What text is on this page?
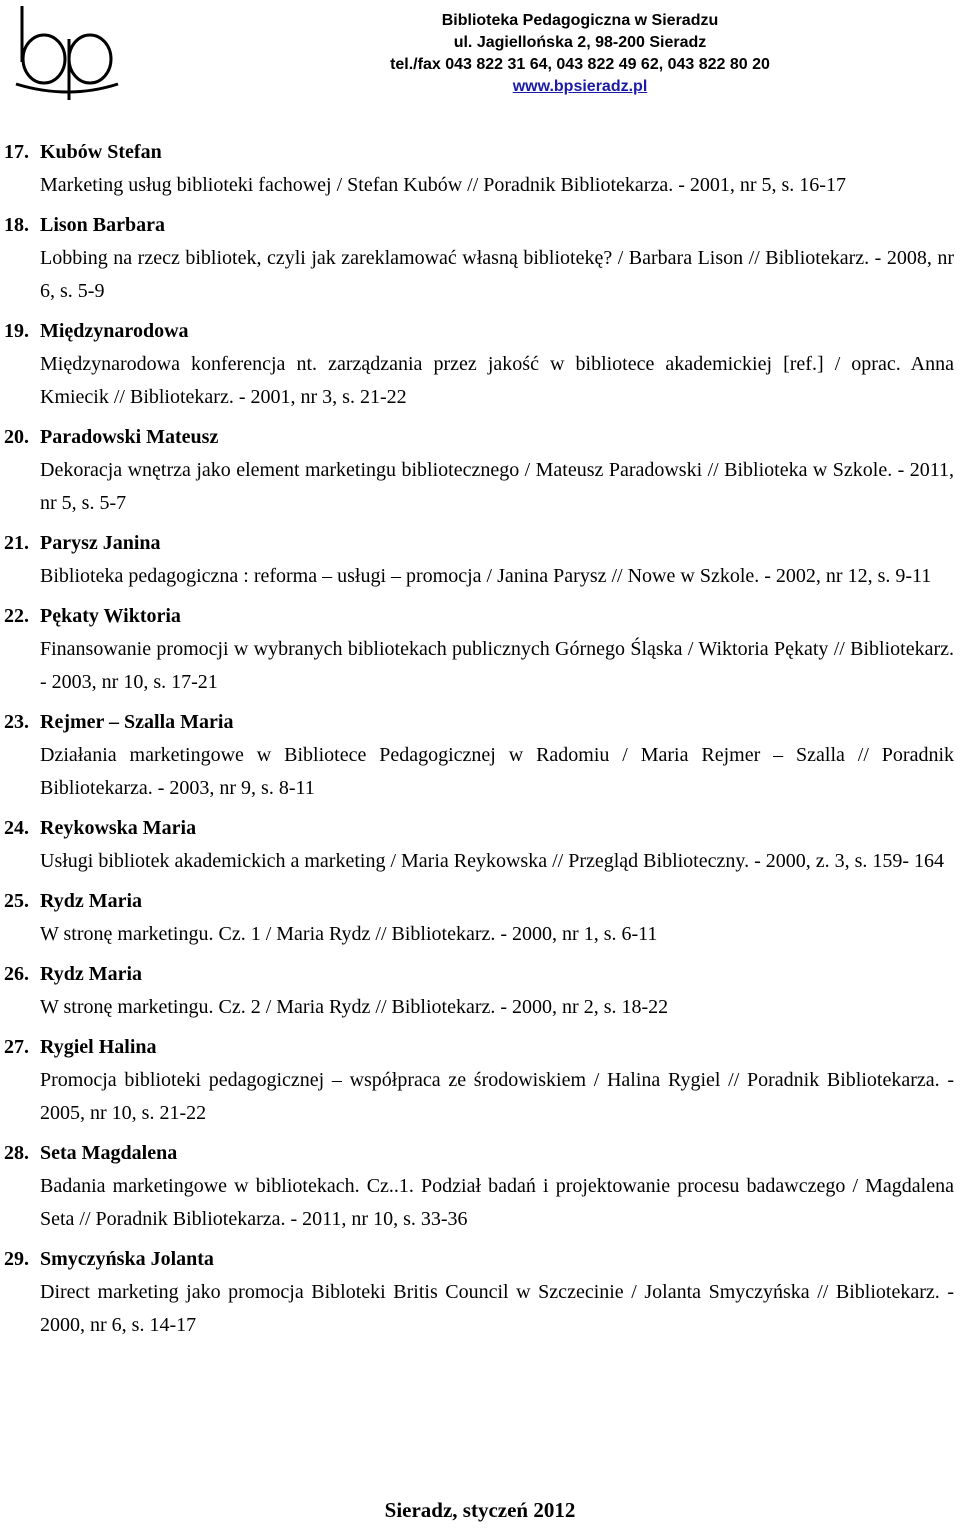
Biblioteka Pedagogiczna w Sieradzu
ul. Jagiellońska 2, 98-200 Sieradz
tel./fax 043 822 31 64, 043 822 49 62, 043 822 80 20
www.bpsieradz.pl
17. Kubów Stefan
Marketing usług biblioteki fachowej / Stefan Kubów // Poradnik Bibliotekarza. - 2001, nr 5, s. 16-17
18. Lison Barbara
Lobbing na rzecz bibliotek, czyli jak zareklamować własną bibliotekę? / Barbara Lison // Bibliotekarz. - 2008, nr 6, s. 5-9
19. Międzynarodowa
Międzynarodowa konferencja nt. zarządzania przez jakość w bibliotece akademickiej [ref.] / oprac. Anna Kmiecik // Bibliotekarz. - 2001, nr 3, s. 21-22
20. Paradowski Mateusz
Dekoracja wnętrza jako element marketingu bibliotecznego / Mateusz Paradowski // Biblioteka w Szkole. - 2011, nr 5, s. 5-7
21. Parysz Janina
Biblioteka pedagogiczna : reforma – usługi – promocja / Janina Parysz // Nowe w Szkole. - 2002, nr 12, s. 9-11
22. Pękaty Wiktoria
Finansowanie promocji w wybranych bibliotekach publicznych Górnego Śląska / Wiktoria Pękaty // Bibliotekarz. - 2003, nr 10, s. 17-21
23. Rejmer – Szalla Maria
Działania marketingowe w Bibliotece Pedagogicznej w Radomiu / Maria Rejmer – Szalla // Poradnik Bibliotekarza. - 2003, nr 9, s. 8-11
24. Reykowska Maria
Usługi bibliotek akademickich a marketing / Maria Reykowska // Przegląd Biblioteczny. - 2000, z. 3, s. 159- 164
25. Rydz Maria
W stronę marketingu. Cz. 1 / Maria Rydz // Bibliotekarz. - 2000, nr 1, s. 6-11
26. Rydz Maria
W stronę marketingu. Cz. 2 / Maria Rydz // Bibliotekarz. - 2000, nr 2, s. 18-22
27. Rygiel Halina
Promocja biblioteki pedagogicznej – współpraca ze środowiskiem / Halina Rygiel // Poradnik Bibliotekarza. - 2005, nr 10, s. 21-22
28. Seta Magdalena
Badania marketingowe w bibliotekach. Cz..1. Podział badań i projektowanie procesu badawczego / Magdalena Seta // Poradnik Bibliotekarza. - 2011, nr 10, s. 33-36
29. Smyczyńska Jolanta
Direct marketing jako promocja Bibloteki Britis Council w Szczecinie / Jolanta Smyczyńska // Bibliotekarz. - 2000, nr 6, s. 14-17
Sieradz, styczeń 2012
